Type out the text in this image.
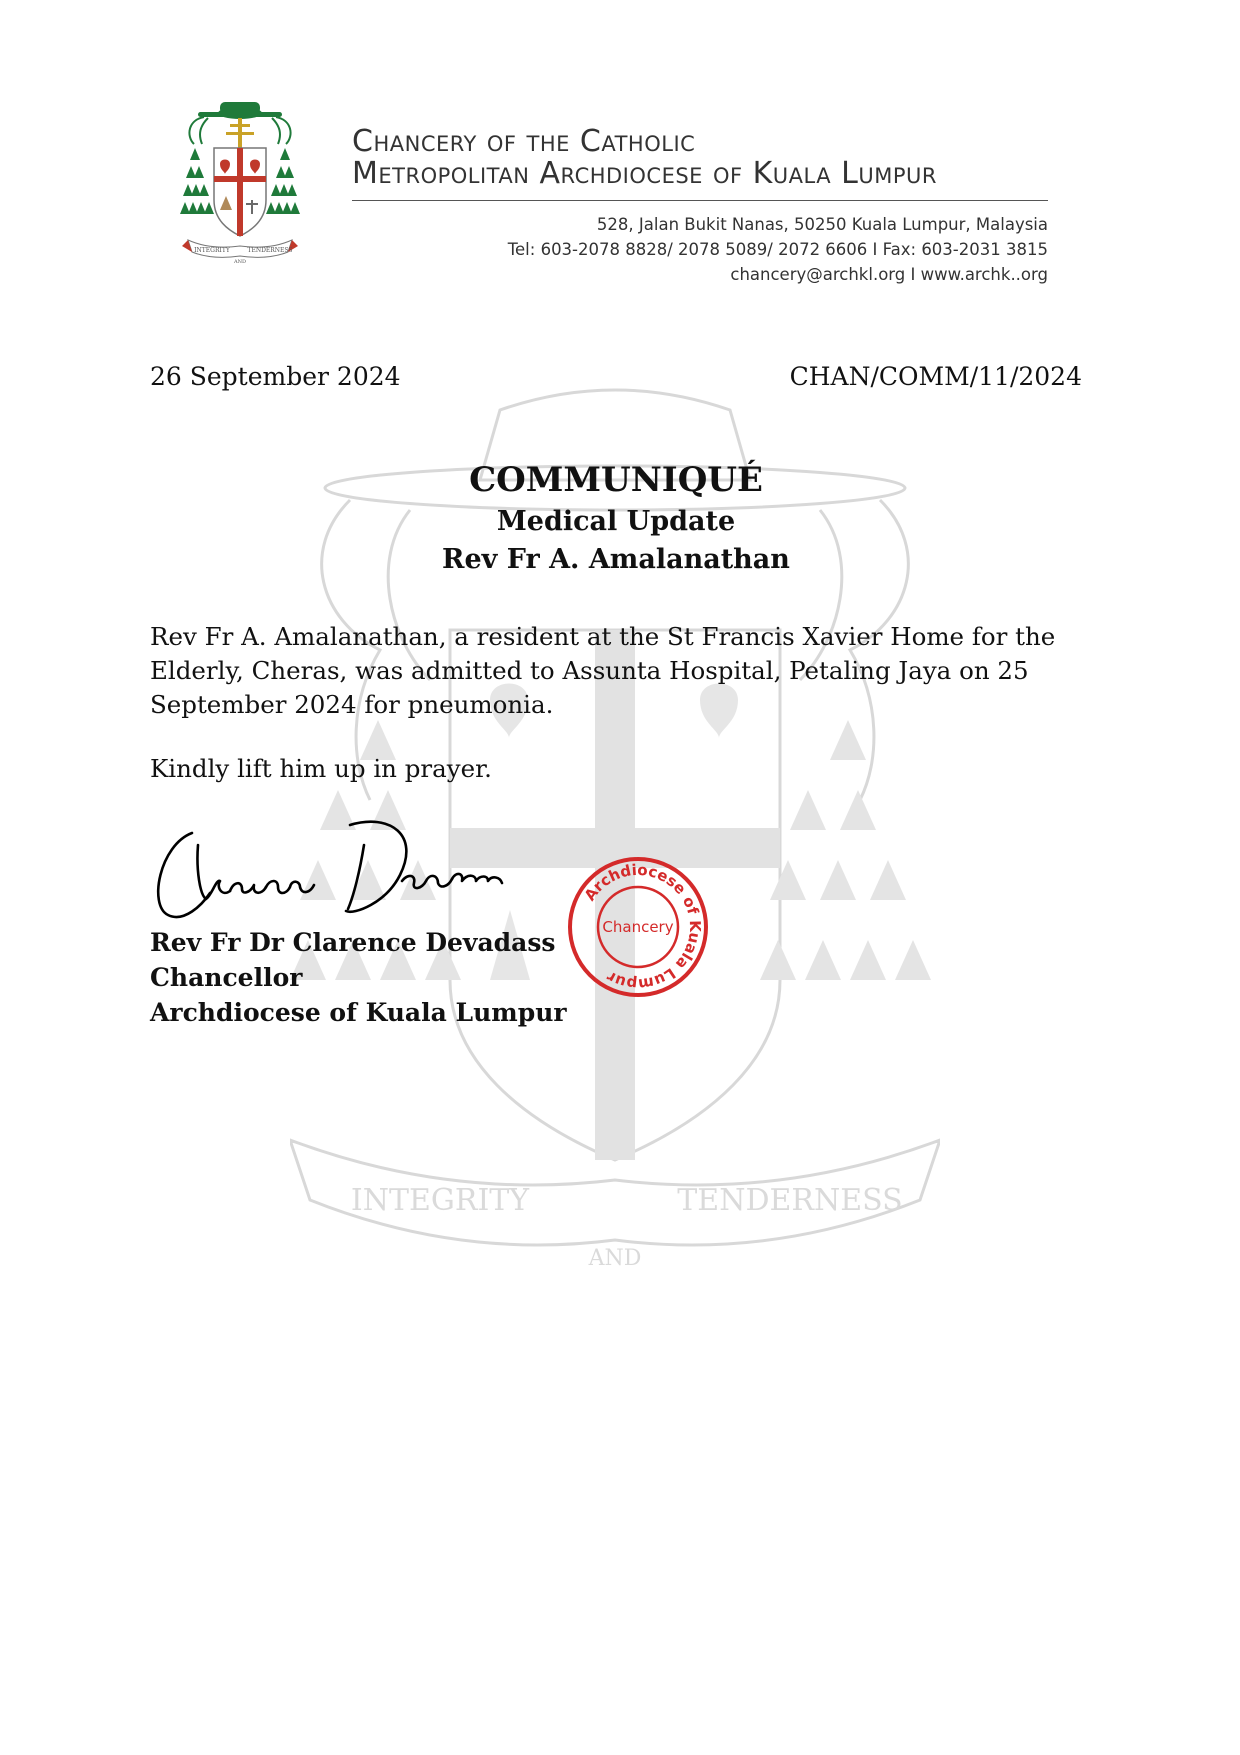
INTEGRITY
AND
TENDERNESS
Chancery of the Catholic
Metropolitan Archdiocese of Kuala Lumpur
528, Jalan Bukit Nanas, 50250 Kuala Lumpur, Malaysia
Tel: 603-2078 8828/ 2078 5089/ 2072 6606 I Fax: 603-2031 3815
chancery@archkl.org I www.archk..org
INTEGRITY
AND
TENDERNESS
26 September 2024	CHAN/COMM/11/2024
COMMUNIQUÉ
Medical Update
Rev Fr A. Amalanathan
Rev Fr A. Amalanathan, a resident at the St Francis Xavier Home for the Elderly, Cheras, was admitted to Assunta Hospital, Petaling Jaya on 25 September 2024 for pneumonia.
Kindly lift him up in prayer.
Rev Fr Dr Clarence Devadass
Chancellor
Archdiocese of Kuala Lumpur
Archdiocese of Kuala Lumpur
Chancery
